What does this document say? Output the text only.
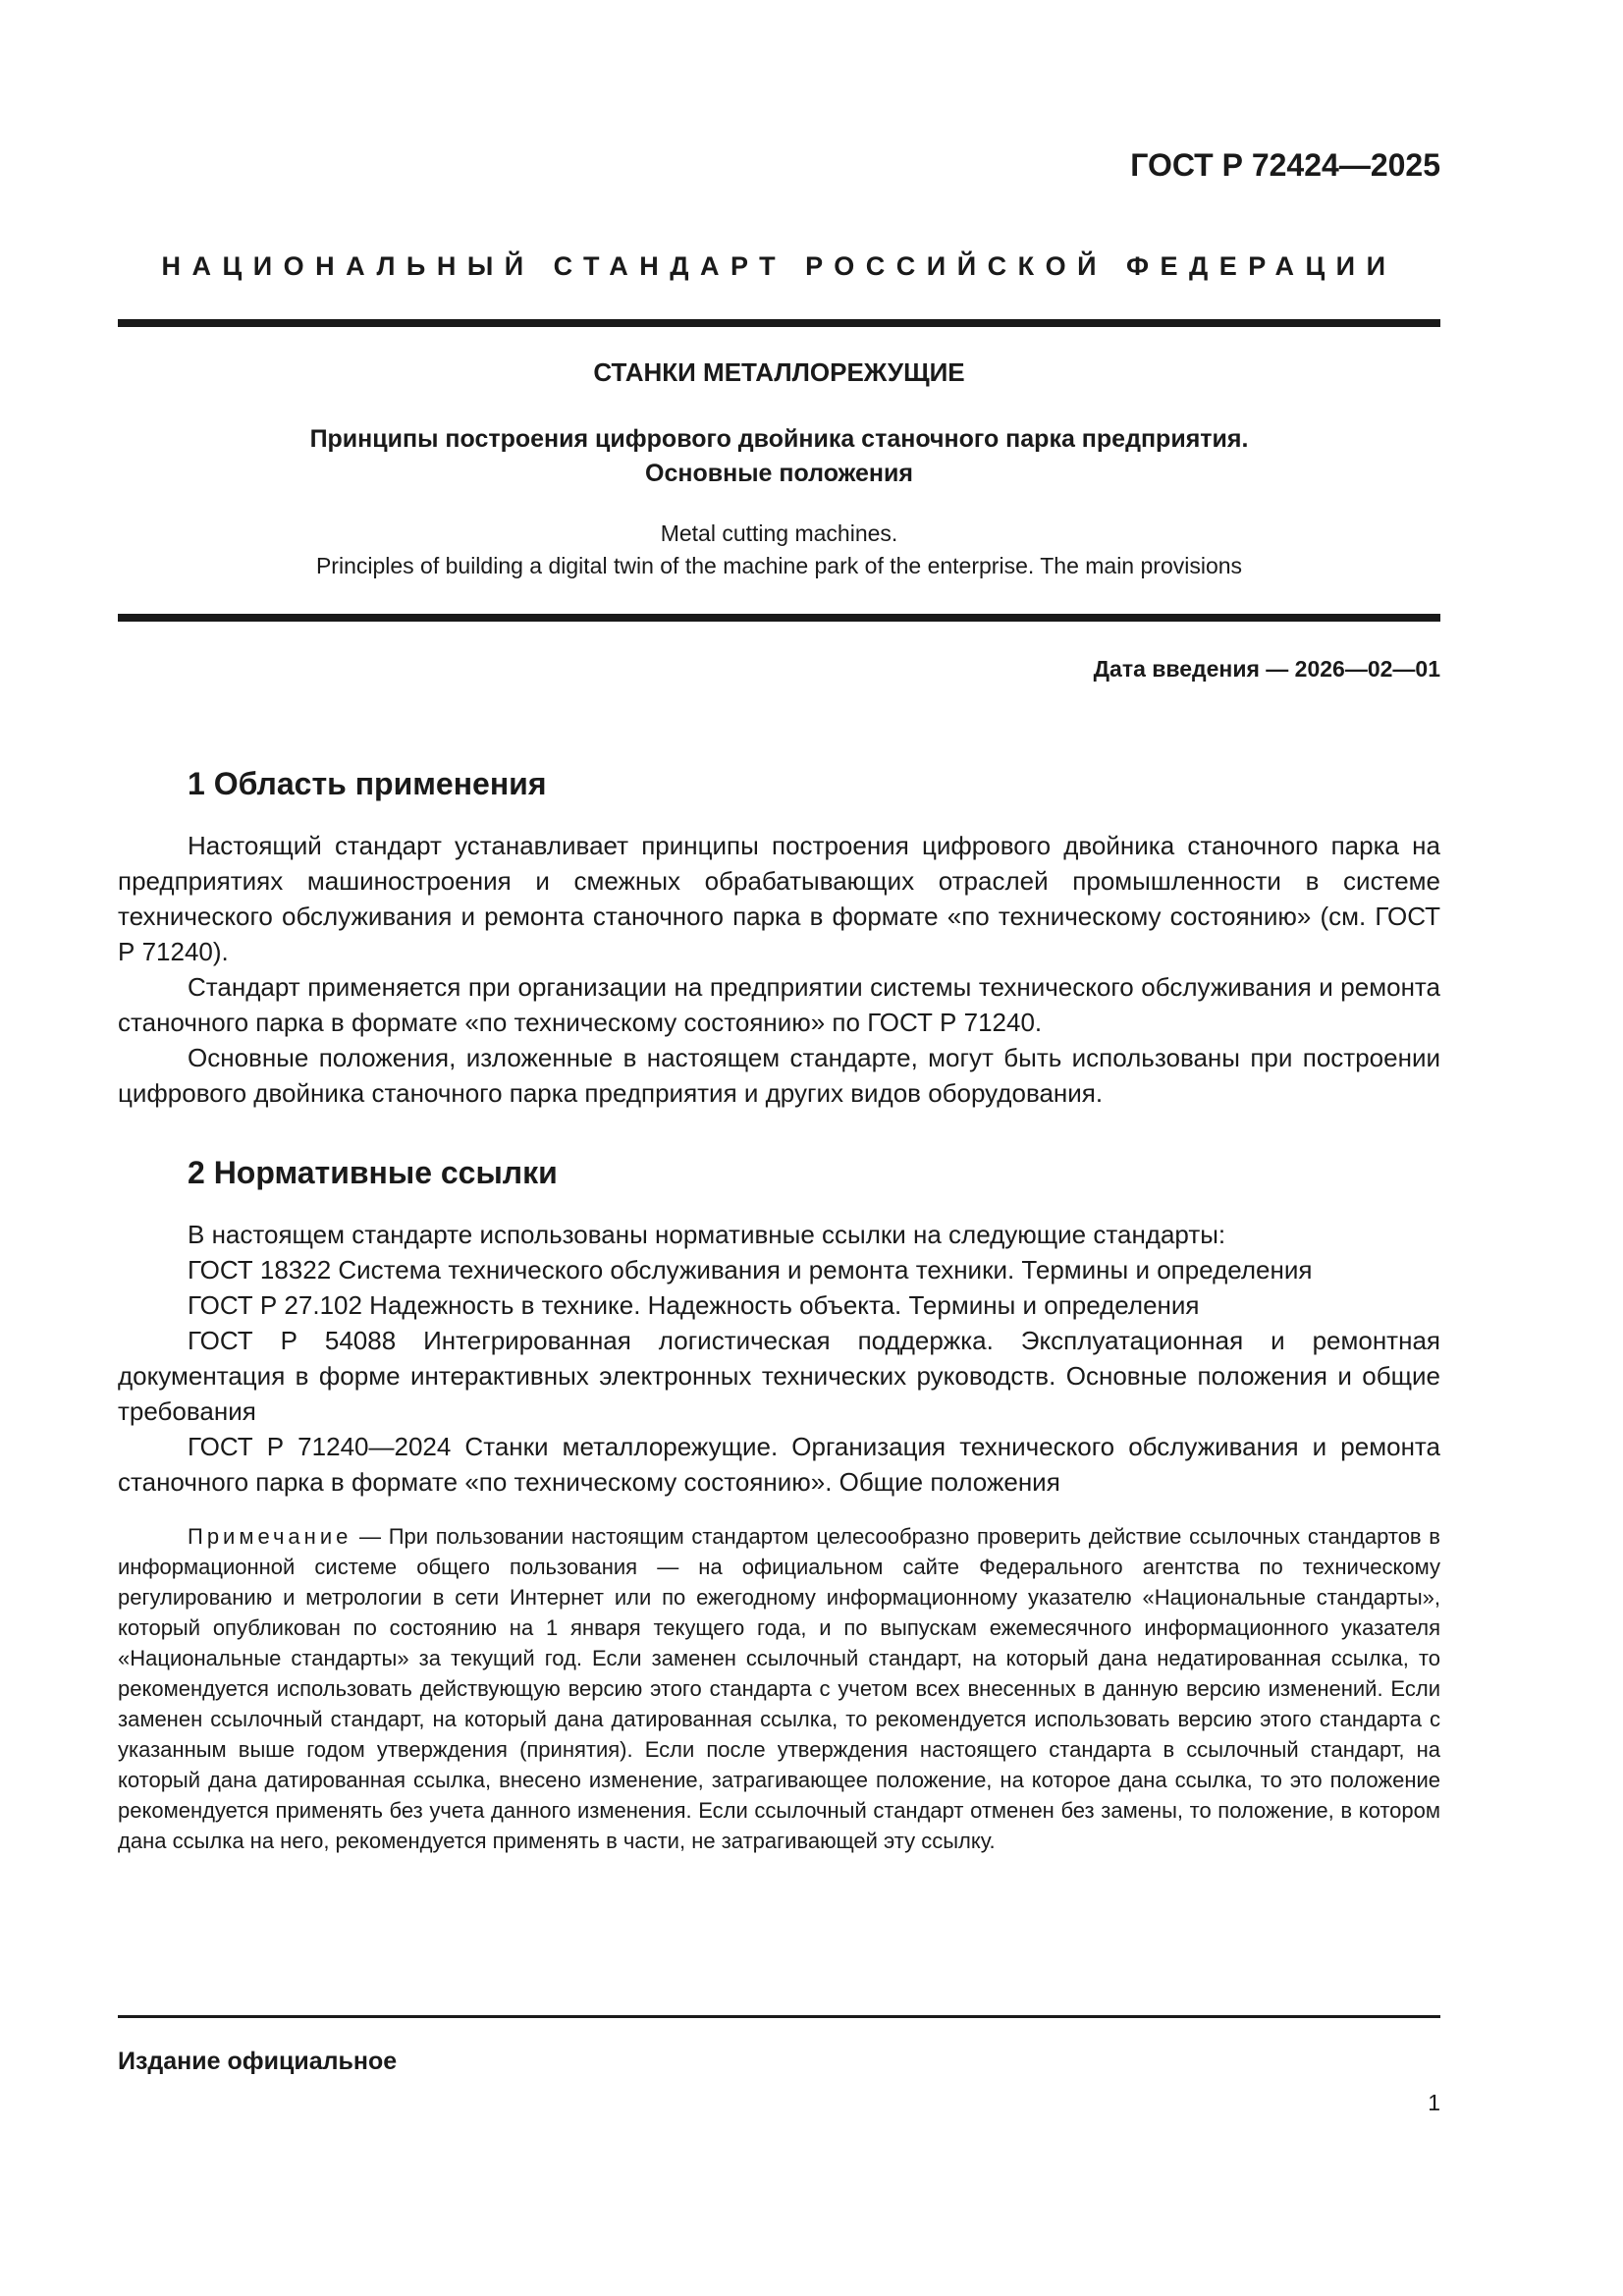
ГОСТ Р 72424—2025
НАЦИОНАЛЬНЫЙ СТАНДАРТ РОССИЙСКОЙ ФЕДЕРАЦИИ
СТАНКИ МЕТАЛЛОРЕЖУЩИЕ
Принципы построения цифрового двойника станочного парка предприятия.
Основные положения
Metal cutting machines.
Principles of building a digital twin of the machine park of the enterprise. The main provisions
Дата введения — 2026—02—01
1 Область применения

Настоящий стандарт устанавливает принципы построения цифрового двойника станочного парка на предприятиях машиностроения и смежных обрабатывающих отраслей промышленности в системе технического обслуживания и ремонта станочного парка в формате «по техническому состоянию» (см. ГОСТ Р 71240).

Стандарт применяется при организации на предприятии системы технического обслуживания и ремонта станочного парка в формате «по техническому состоянию» по ГОСТ Р 71240.

Основные положения, изложенные в настоящем стандарте, могут быть использованы при построении цифрового двойника станочного парка предприятия и других видов оборудования.

2 Нормативные ссылки

В настоящем стандарте использованы нормативные ссылки на следующие стандарты:

ГОСТ 18322 Система технического обслуживания и ремонта техники. Термины и определения

ГОСТ Р 27.102 Надежность в технике. Надежность объекта. Термины и определения

ГОСТ Р 54088 Интегрированная логистическая поддержка. Эксплуатационная и ремонтная документация в форме интерактивных электронных технических руководств. Основные положения и общие требования

ГОСТ Р 71240—2024 Станки металлорежущие. Организация технического обслуживания и ремонта станочного парка в формате «по техническому состоянию». Общие положения

Примечание — При пользовании настоящим стандартом целесообразно проверить действие ссылочных стандартов в информационной системе общего пользования — на официальном сайте Федерального агентства по техническому регулированию и метрологии в сети Интернет или по ежегодному информационному указателю «Национальные стандарты», который опубликован по состоянию на 1 января текущего года, и по выпускам ежемесячного информационного указателя «Национальные стандарты» за текущий год. Если заменен ссылочный стандарт, на который дана недатированная ссылка, то рекомендуется использовать действующую версию этого стандарта с учетом всех внесенных в данную версию изменений. Если заменен ссылочный стандарт, на который дана датированная ссылка, то рекомендуется использовать версию этого стандарта с указанным выше годом утверждения (принятия). Если после утверждения настоящего стандарта в ссылочный стандарт, на который дана датированная ссылка, внесено изменение, затрагивающее положение, на которое дана ссылка, то это положение рекомендуется применять без учета данного изменения. Если ссылочный стандарт отменен без замены, то положение, в котором дана ссылка на него, рекомендуется применять в части, не затрагивающей эту ссылку.

Издание официальное
1
